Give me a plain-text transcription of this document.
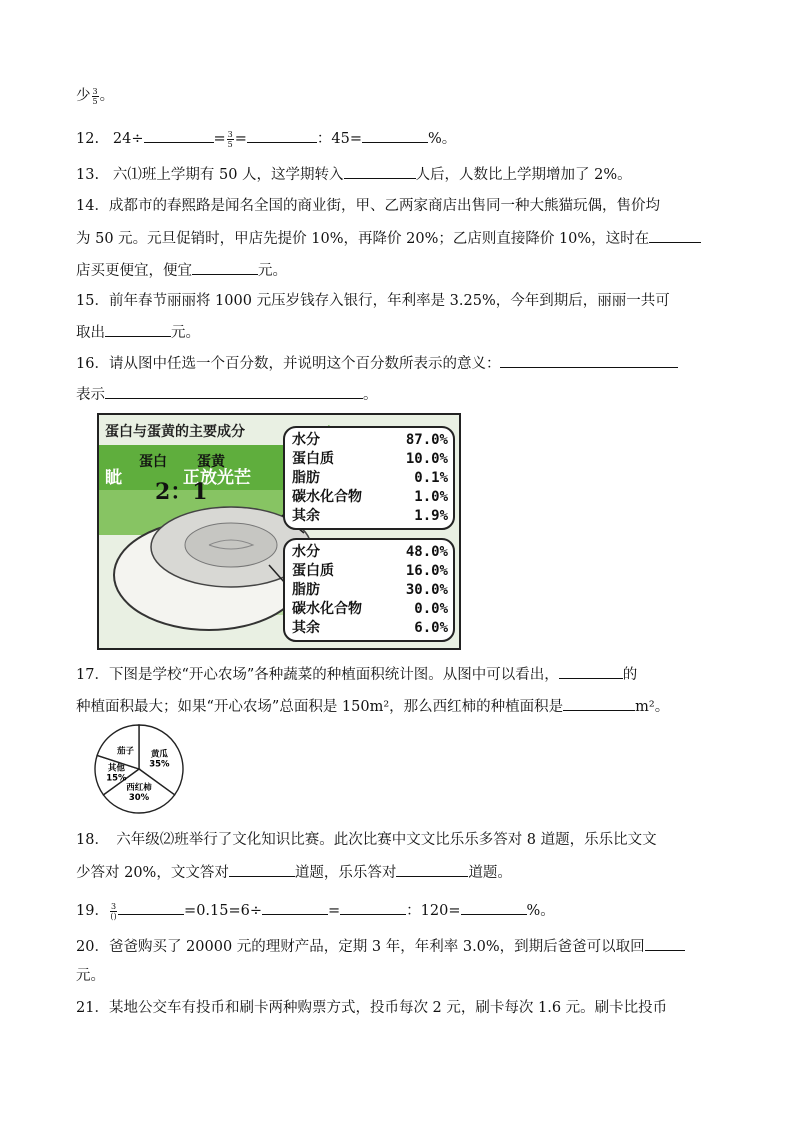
少 $\frac{3}{5}$ 。
12. 24÷	= $\frac{3}{5}$ =	：45=	%。
13. 六⑴班上学期有 50 人，这学期转入	人后，人数比上学期增加了 2%。
14．成都市的春熙路是闻名全国的商业街，甲、乙两家商店出售同一种大熊猫玩偶，售价均
为 50 元。元旦促销时，甲店先提价 10%，再降价 20%；乙店则直接降价 10%，这时在
店买更便宜，便宜	元。
15．前年春节丽丽将 1000 元压岁钱存入银行，年利率是 3.25%，今年到期后，丽丽一共可
取出	元。
16．请从图中任选一个百分数，并说明这个百分数所表示的意义：
表示	。
蛋白与蛋黄的主要成分
蛋白 蛋黄
眦	正放光芒
2：1
水分	87.0%
蛋白质	10.0%
脂肪	0.1%
碳水化合物	1.0%
其余	1.9%
水分	48.0%
蛋白质	16.0%
脂肪	30.0%
碳水化合物	0.0%
其余	6.0%
17．下图是学校“开心农场”各种蔬菜的种植面积统计图。从图中可以看出，	的
种植面积最大；如果“开心农场”总面积是 150m²，那么西红柿的种植面积是	m²。
黄瓜
35%
西红柿
30%
其他
15%
茄子
18．　六年级⑵班举行了文化知识比赛。此次比赛中文文比乐乐多答对 8 道题，乐乐比文文
少答对 20%，文文答对	道题，乐乐答对	道题。
19． $\frac{3}{()}$	=0.15=6÷	=	：120=	%。
20．爸爸购买了 20000 元的理财产品，定期 3 年，年利率 3.0%，到期后爸爸可以取回
元。
21．某地公交车有投币和刷卡两种购票方式，投币每次 2 元，刷卡每次 1.6 元。刷卡比投币
